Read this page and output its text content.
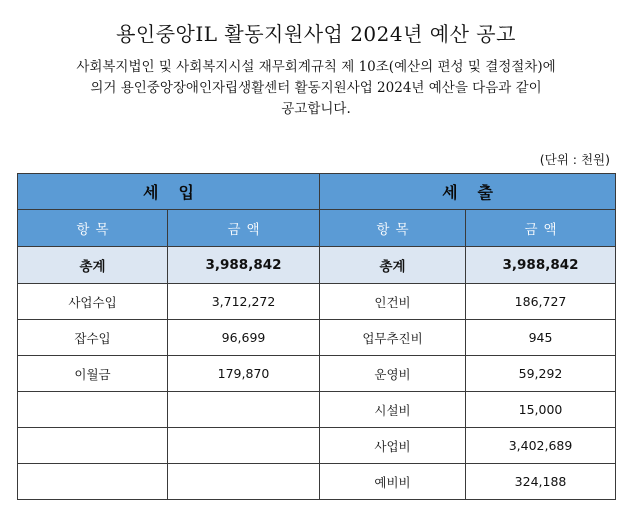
용인중앙IL 활동지원사업 2024년 예산 공고
사회복지법인 및 사회복지시설 재무회계규칙 제 10조(예산의 편성 및 결정절차)에
의거 용인중앙장애인자립생활센터 활동지원사업 2024년 예산을 다음과 같이
공고합니다.
(단위 : 천원)
세입		세출	
항목	금액	항목	금액
총계	3,988,842	총계	3,988,842
사업수입	3,712,272	인건비	186,727
잡수입	96,699	업무추진비	945
이월금	179,870	운영비	59,292
		시설비	15,000
		사업비	3,402,689
		예비비	324,188
